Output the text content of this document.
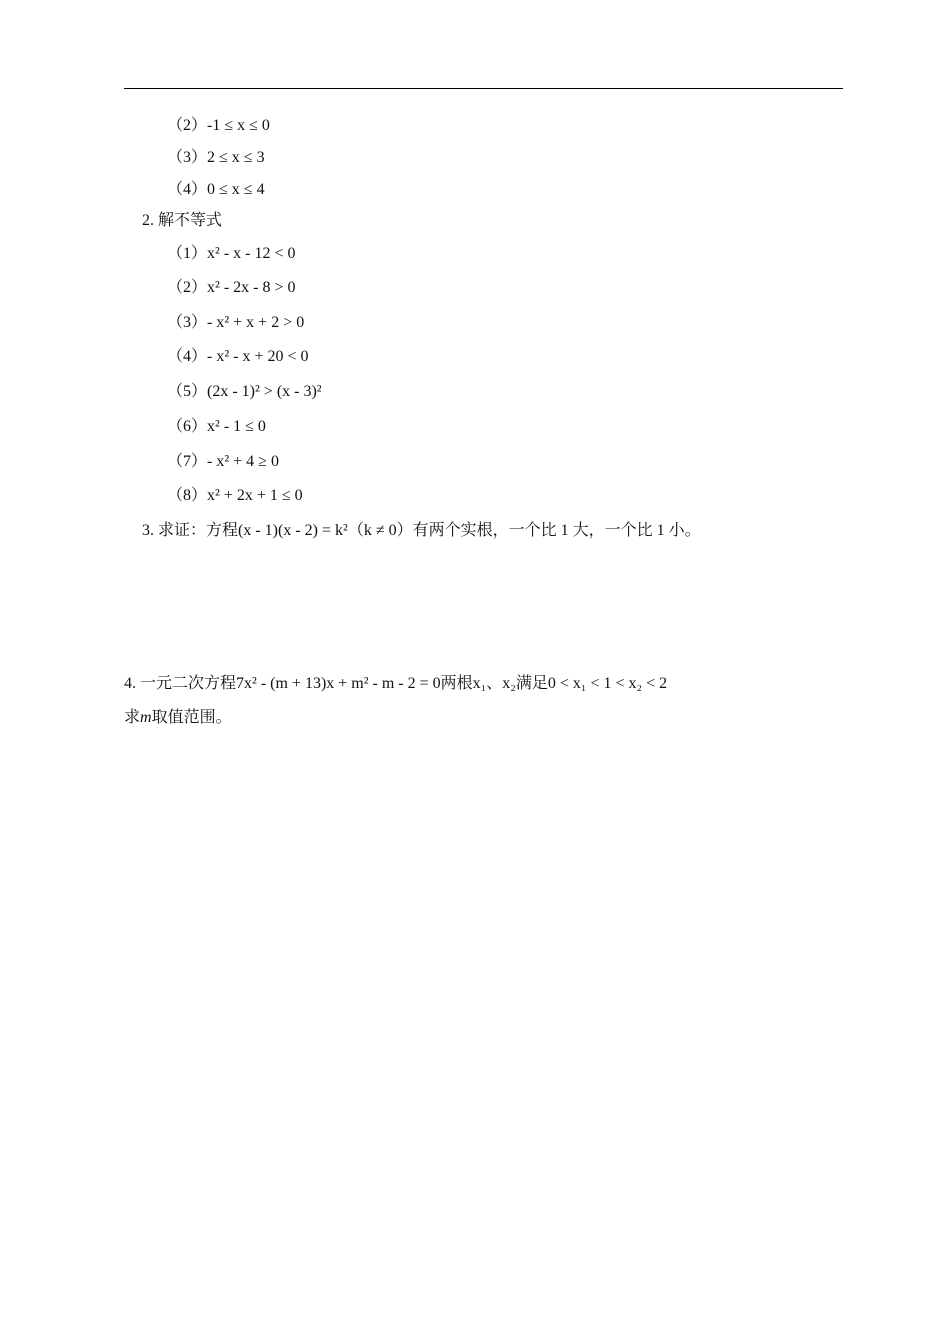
（2）-1 ≤ x ≤ 0
（3）2 ≤ x ≤ 3
（4）0 ≤ x ≤ 4
2. 解不等式
（1）x² - x - 12 < 0
（2）x² - 2x - 8 > 0
（3）- x² + x + 2 > 0
（4）- x² - x + 20 < 0
（5）(2x - 1)² > (x - 3)²
（6）x² - 1 ≤ 0
（7）- x² + 4 ≥ 0
（8）x² + 2x + 1 ≤ 0
3. 求证：方程(x - 1)(x - 2) = k²（k ≠ 0）有两个实根，一个比 1 大，一个比 1 小。
4. 一元二次方程7x² - (m + 13)x + m² - m - 2 = 0两根x₁、x₂满足0 < x₁ < 1 < x₂ < 2
求m取值范围。
